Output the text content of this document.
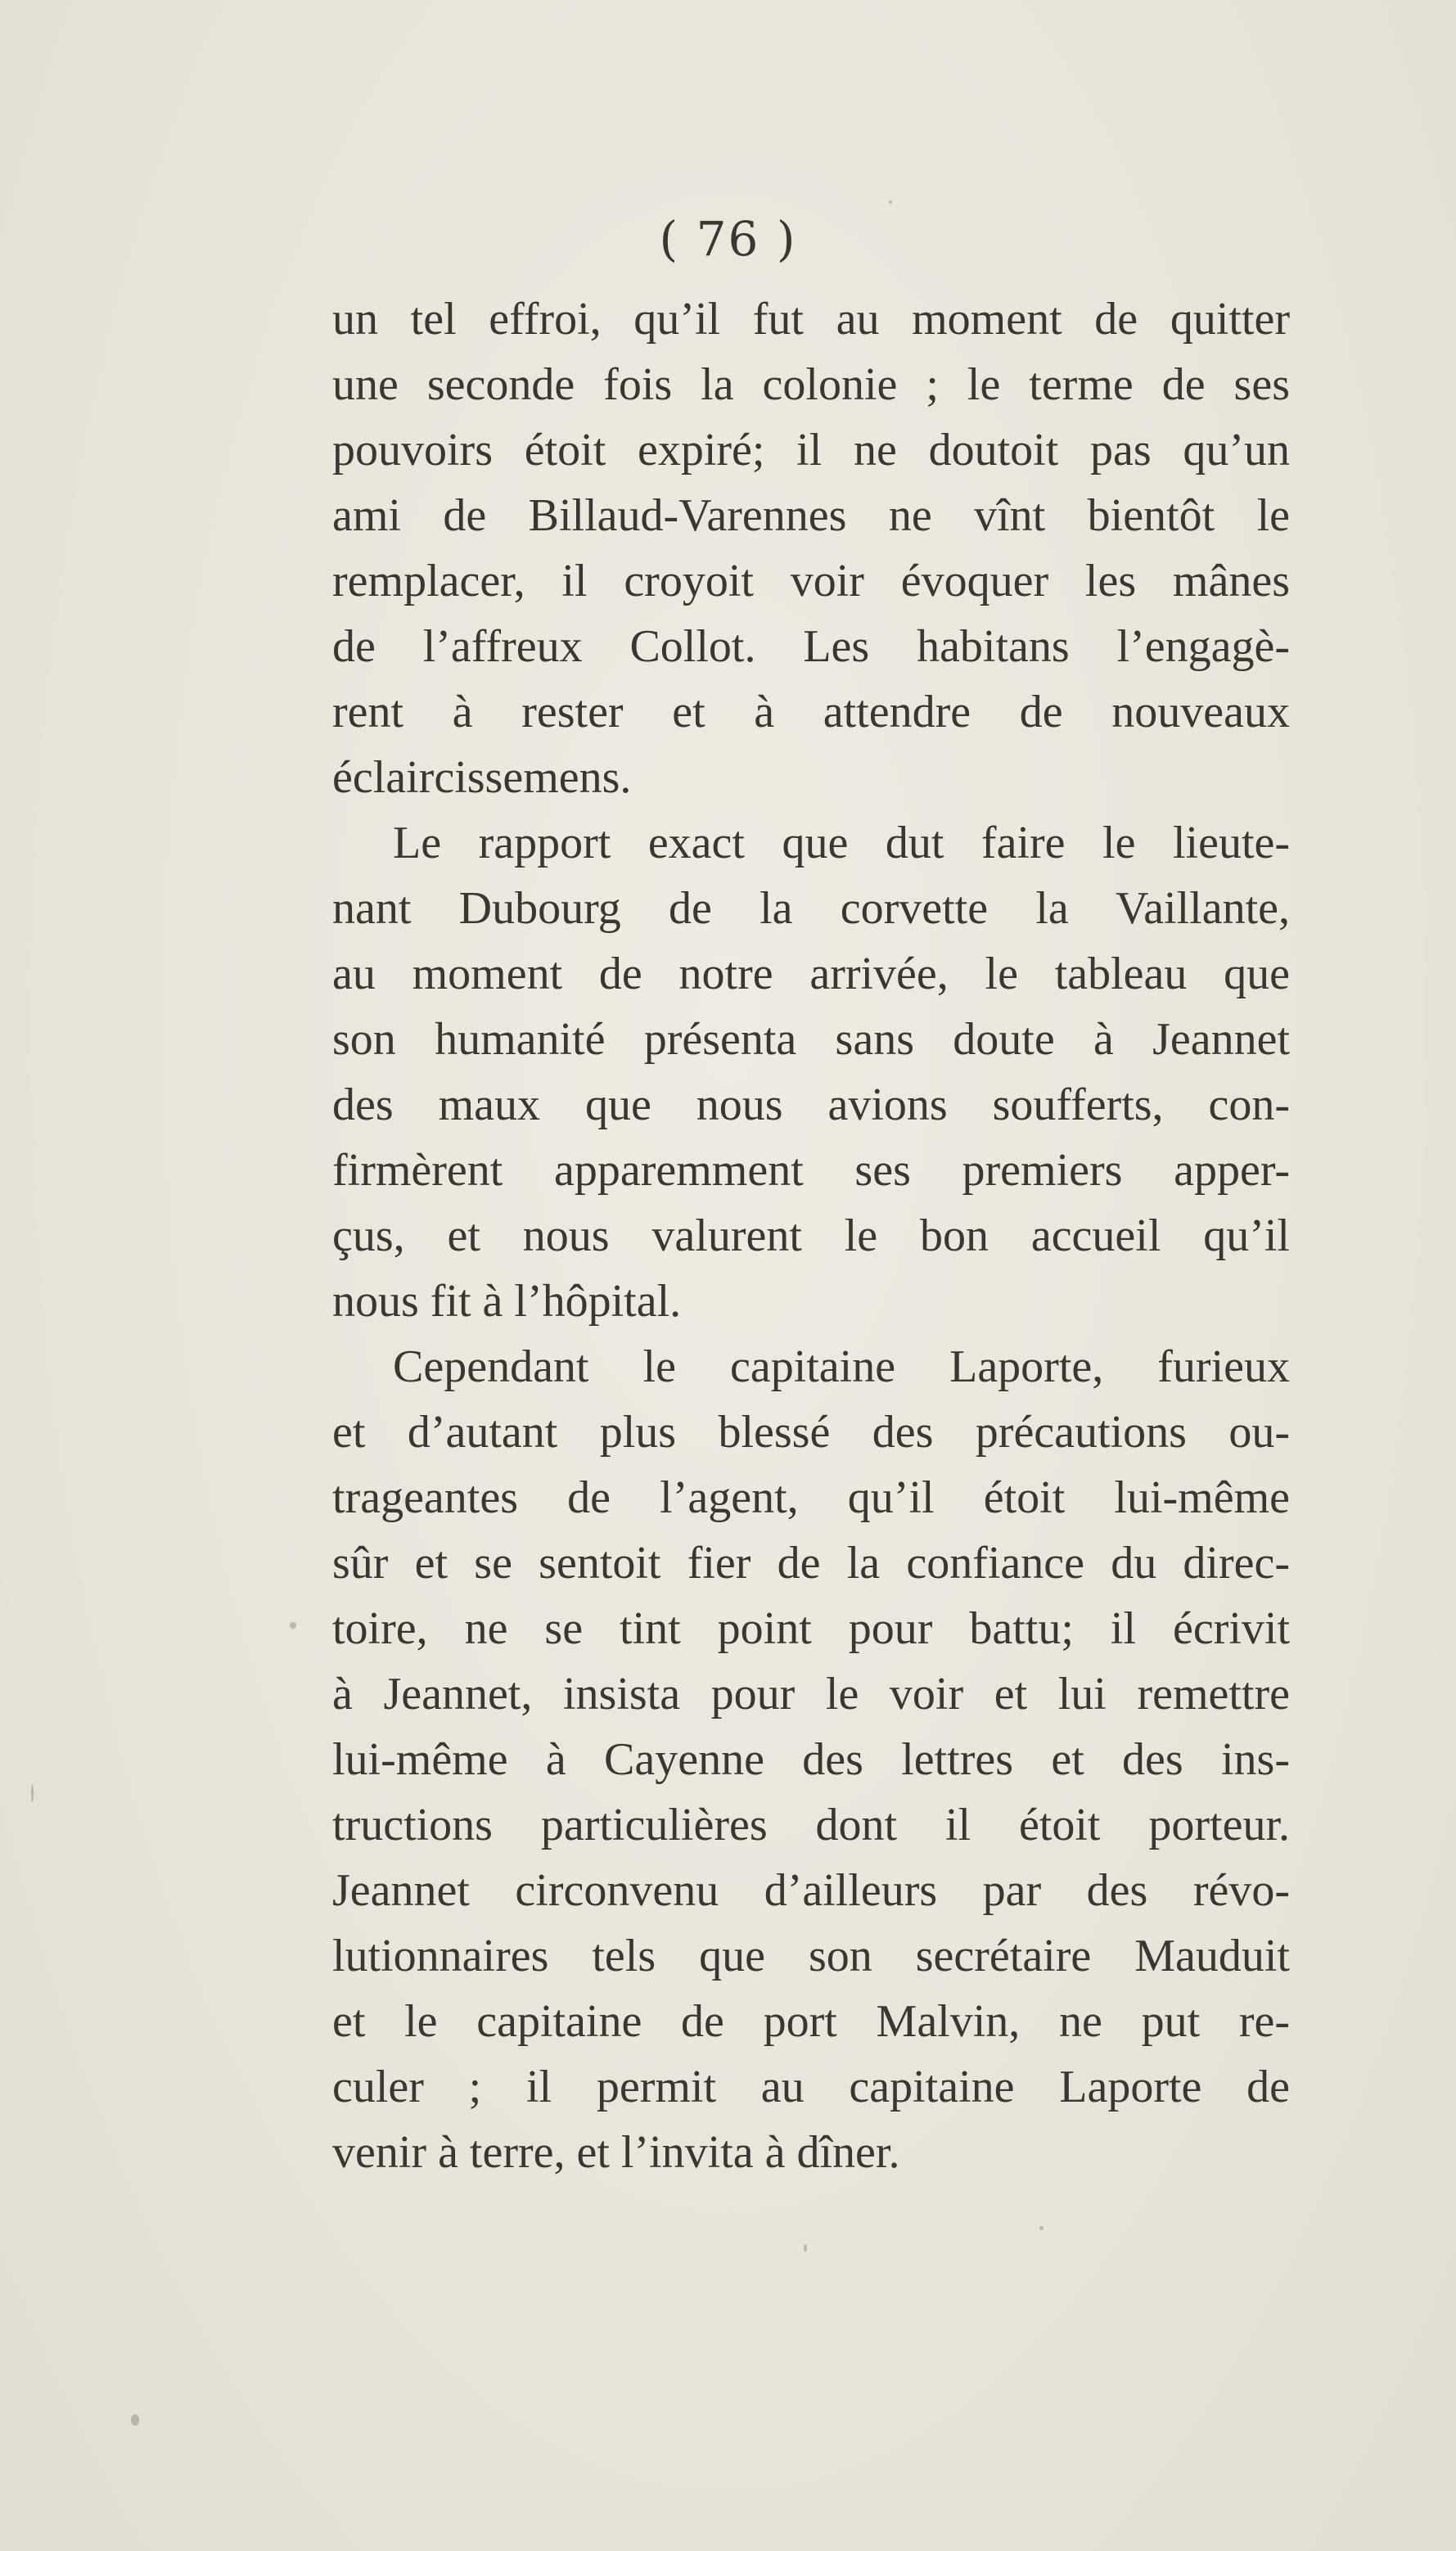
( 76 )
un tel effroi, qu’il fut au moment de quitter
une seconde fois la colonie ; le terme de ses
pouvoirs étoit expiré; il ne doutoit pas qu’un
ami de Billaud-Varennes ne vînt bientôt le
remplacer, il croyoit voir évoquer les mânes
de l’affreux Collot. Les habitans l’engagè-
rent à rester et à attendre de nouveaux
éclaircissemens.
Le rapport exact que dut faire le lieute-
nant Dubourg de la corvette la Vaillante,
au moment de notre arrivée, le tableau que
son humanité présenta sans doute à Jeannet
des maux que nous avions soufferts, con-
firmèrent apparemment ses premiers apper-
çus, et nous valurent le bon accueil qu’il
nous fit à l’hôpital.
Cependant le capitaine Laporte, furieux
et d’autant plus blessé des précautions ou-
trageantes de l’agent, qu’il étoit lui-même
sûr et se sentoit fier de la confiance du direc-
toire, ne se tint point pour battu; il écrivit
à Jeannet, insista pour le voir et lui remettre
lui-même à Cayenne des lettres et des ins-
tructions particulières dont il étoit porteur.
Jeannet circonvenu d’ailleurs par des révo-
lutionnaires tels que son secrétaire Mauduit
et le capitaine de port Malvin, ne put re-
culer ; il permit au capitaine Laporte de
venir à terre, et l’invita à dîner.
